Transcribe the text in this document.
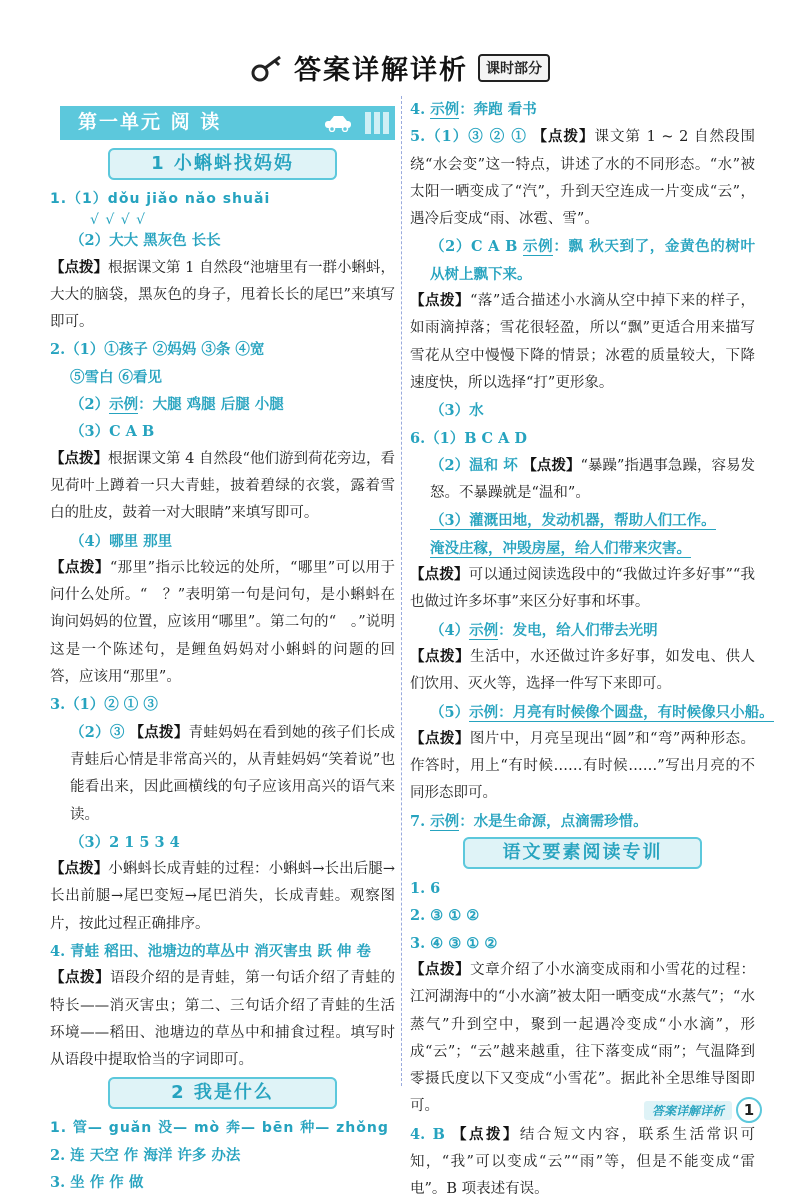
答案详解详析	课时部分
第一单元 阅 读
1 小蝌蚪找妈妈
1.（1）dǒu jiǎo nǎo shuǎi
√ √ √ √
（2）大大 黑灰色 长长
【点拨】根据课文第 1 自然段“池塘里有一群小蝌蚪，大大的脑袋，黑灰色的身子，甩着长长的尾巴”来填写即可。
2.（1）①孩子 ②妈妈 ③条 ④宽
⑤雪白 ⑥看见
（2）示例：大腿 鸡腿 后腿 小腿
（3）C A B
【点拨】根据课文第 4 自然段“他们游到荷花旁边，看见荷叶上蹲着一只大青蛙，披着碧绿的衣裳，露着雪白的肚皮，鼓着一对大眼睛”来填写即可。
（4）哪里 那里
【点拨】“那里”指示比较远的处所，“哪里”可以用于问什么处所。“　？”表明第一句是问句，是小蝌蚪在询问妈妈的位置，应该用“哪里”。第二句的“　。”说明这是一个陈述句，是鲤鱼妈妈对小蝌蚪的问题的回答，应该用“那里”。
3.（1）② ① ③
（2）③ 【点拨】青蛙妈妈在看到她的孩子们长成青蛙后心情是非常高兴的，从青蛙妈妈“笑着说”也能看出来，因此画横线的句子应该用高兴的语气来读。
（3）2 1 5 3 4
【点拨】小蝌蚪长成青蛙的过程：小蝌蚪→长出后腿→长出前腿→尾巴变短→尾巴消失，长成青蛙。观察图片，按此过程正确排序。
4. 青蛙 稻田、池塘边的草丛中 消灭害虫 跃 伸 卷
【点拨】语段介绍的是青蛙，第一句话介绍了青蛙的特长——消灭害虫；第二、三句话介绍了青蛙的生活环境——稻田、池塘边的草丛中和捕食过程。填写时从语段中提取恰当的字词即可。
2 我是什么
1. 管— guǎn 没— mò 奔— bēn 种— zhǒng
2. 连 天空 作 海洋 许多 办法
3. 坐 作 作 做
4. 示例：奔跑 看书
5.（1）③ ② ① 【点拨】课文第 1 ~ 2 自然段围绕“水会变”这一特点，讲述了水的不同形态。“水”被太阳一晒变成了“汽”，升到天空连成一片变成“云”，遇冷后变成“雨、冰雹、雪”。
（2）C A B 示例：飘 秋天到了，金黄色的树叶从树上飘下来。
【点拨】“落”适合描述小水滴从空中掉下来的样子，如雨滴掉落；雪花很轻盈，所以“飘”更适合用来描写雪花从空中慢慢下降的情景；冰雹的质量较大，下降速度快，所以选择“打”更形象。
（3）水
6.（1）B C A D
（2）温和 坏 【点拨】“暴躁”指遇事急躁，容易发怒。不暴躁就是“温和”。
（3）灌溉田地，发动机器，帮助人们工作。
淹没庄稼，冲毁房屋，给人们带来灾害。
【点拨】可以通过阅读选段中的“我做过许多好事”“我也做过许多坏事”来区分好事和坏事。
（4）示例：发电，给人们带去光明
【点拨】生活中，水还做过许多好事，如发电、供人们饮用、灭火等，选择一件写下来即可。
（5）示例：月亮有时候像个圆盘，有时候像只小船。
【点拨】图片中，月亮呈现出“圆”和“弯”两种形态。作答时，用上“有时候……有时候……”写出月亮的不同形态即可。
7. 示例：水是生命源，点滴需珍惜。
语文要素阅读专训
1. 6
2. ③ ① ②
3. ④ ③ ① ②
【点拨】文章介绍了小水滴变成雨和小雪花的过程：江河湖海中的“小水滴”被太阳一晒变成“水蒸气”；“水蒸气”升到空中，聚到一起遇冷变成“小水滴”，形成“云”；“云”越来越重，往下落变成“雨”；气温降到零摄氏度以下又变成“小雪花”。据此补全思维导图即可。
4. B 【点拨】结合短文内容，联系生活常识可知，“我”可以变成“云”“雨”等，但是不能变成“雷电”。B 项表述有误。
答案详解详析	1
